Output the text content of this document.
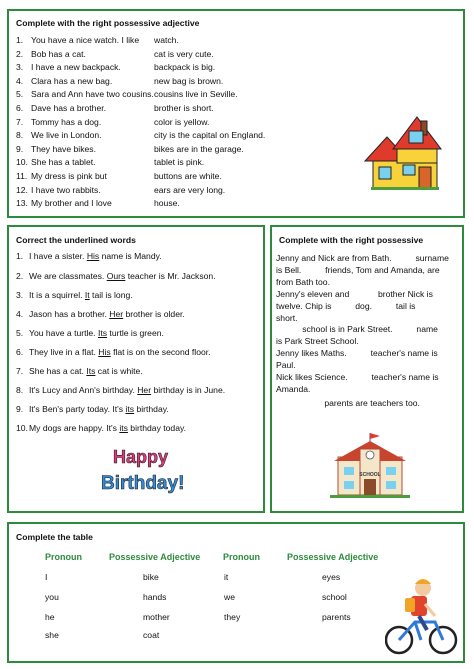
Complete with the right possessive adjective
1. You have a nice watch. I like watch.
2. Bob has a cat.	cat is very cute.
3. I have a new backpack.	backpack is big.
4. Clara has a new bag.	new bag is brown.
5. Sara and Ann have two cousins.cousins live in Seville.
6. Dave has a brother.	brother is short.
7. Tommy has a dog.	color is yellow.
8. We live in London.	city is the capital on England.
9. They have bikes.	bikes are in the garage.
10. She has a tablet.	tablet is pink.
11. My dress is pink but	buttons are white.
12. I have two rabbits.	ears are very long.
13. My brother and I love	house.
Correct the underlined words
1. I have a sister. His name is Mandy.
2. We are classmates. Ours teacher is Mr. Jackson.
3. It is a squirrel. It tail is long.
4. Jason has a brother. Her brother is older.
5. You have a turtle. Its turtle is green.
6. They live in a flat. His flat is on the second floor.
7. She has a cat. Its cat is white.
8. It's Lucy and Ann's birthday. Her birthday is in June.
9. It's Ben's party today. It's its birthday.
10.My dogs are happy. It's its birthday today.
Happy
Birthday!
Complete with the right possessive
Jenny and Nick are from Bath.          surname
is Bell.          friends, Tom and Amanda, are
from Bath too.
Jenny's eleven and            brother Nick is
twelve. Chip is          dog.          tail is
short.
school is in Park Street.          name
is Park Street School.
Jenny likes Maths.          teacher's name is
Paul.
Nick likes Science.          teacher's name is
Amanda.
parents are teachers too.
SCHOOL
Complete the table
Pronoun	Possessive Adjective	Pronoun	Possessive Adjective
I	bike	it	eyes
you	hands	we	school
he	mother	they	parents
she	coat
